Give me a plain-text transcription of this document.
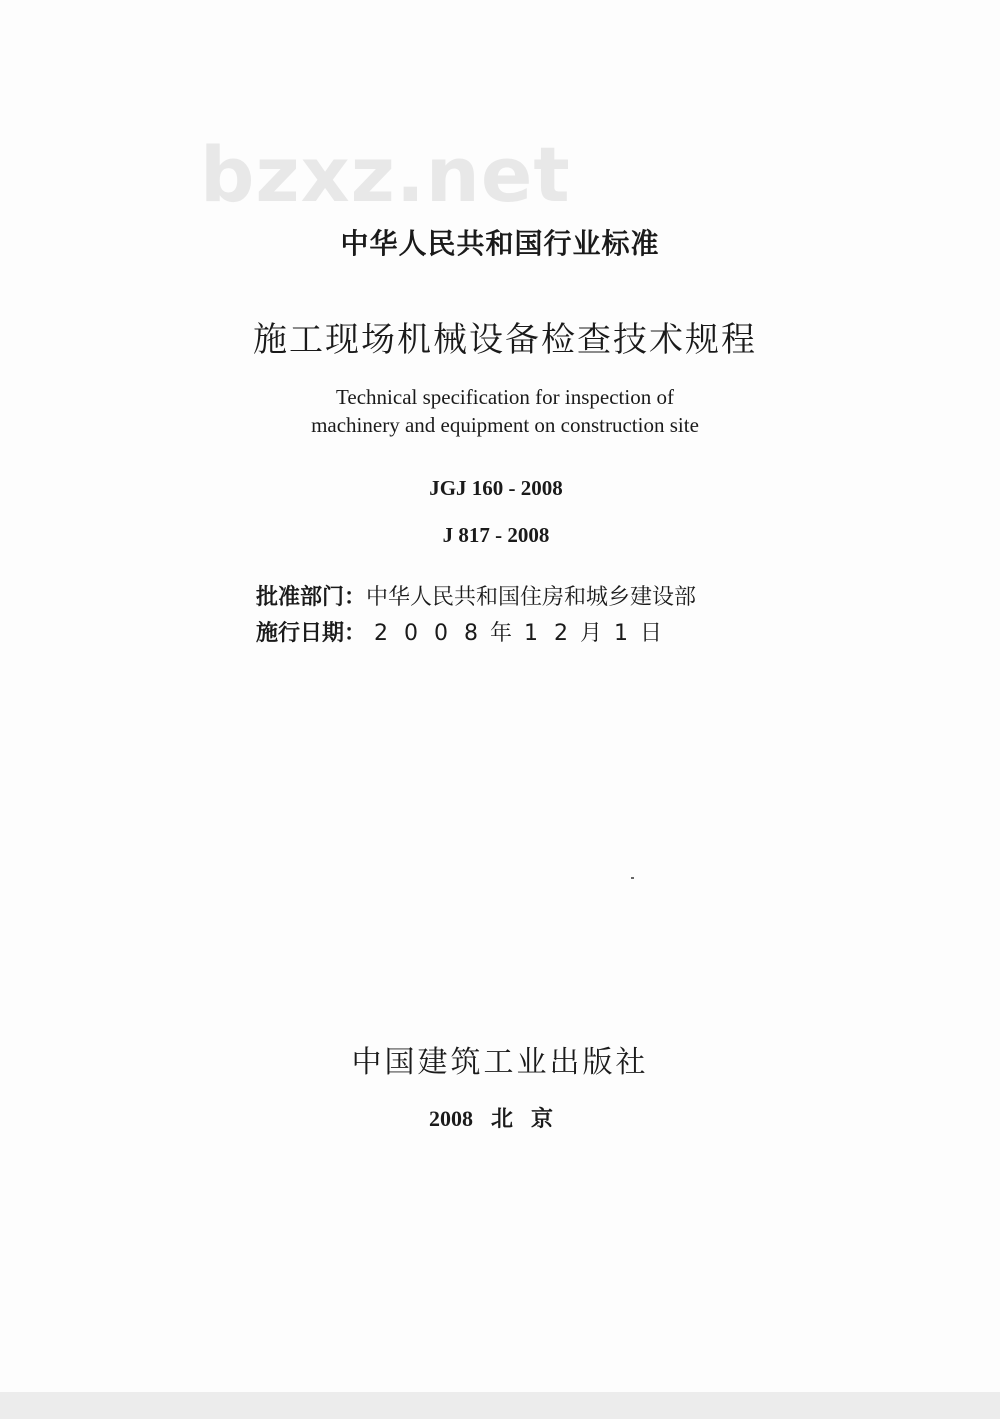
bzxz.net
中华人民共和国行业标准
施工现场机械设备检查技术规程
Technical specification for inspection of
machinery and equipment on construction site
JGJ 160 - 2008
J 817 - 2008
批准部门：中华人民共和国住房和城乡建设部
施行日期： 2 0 0 8 年 1 2 月 1 日
中国建筑工业出版社
2008 北京
